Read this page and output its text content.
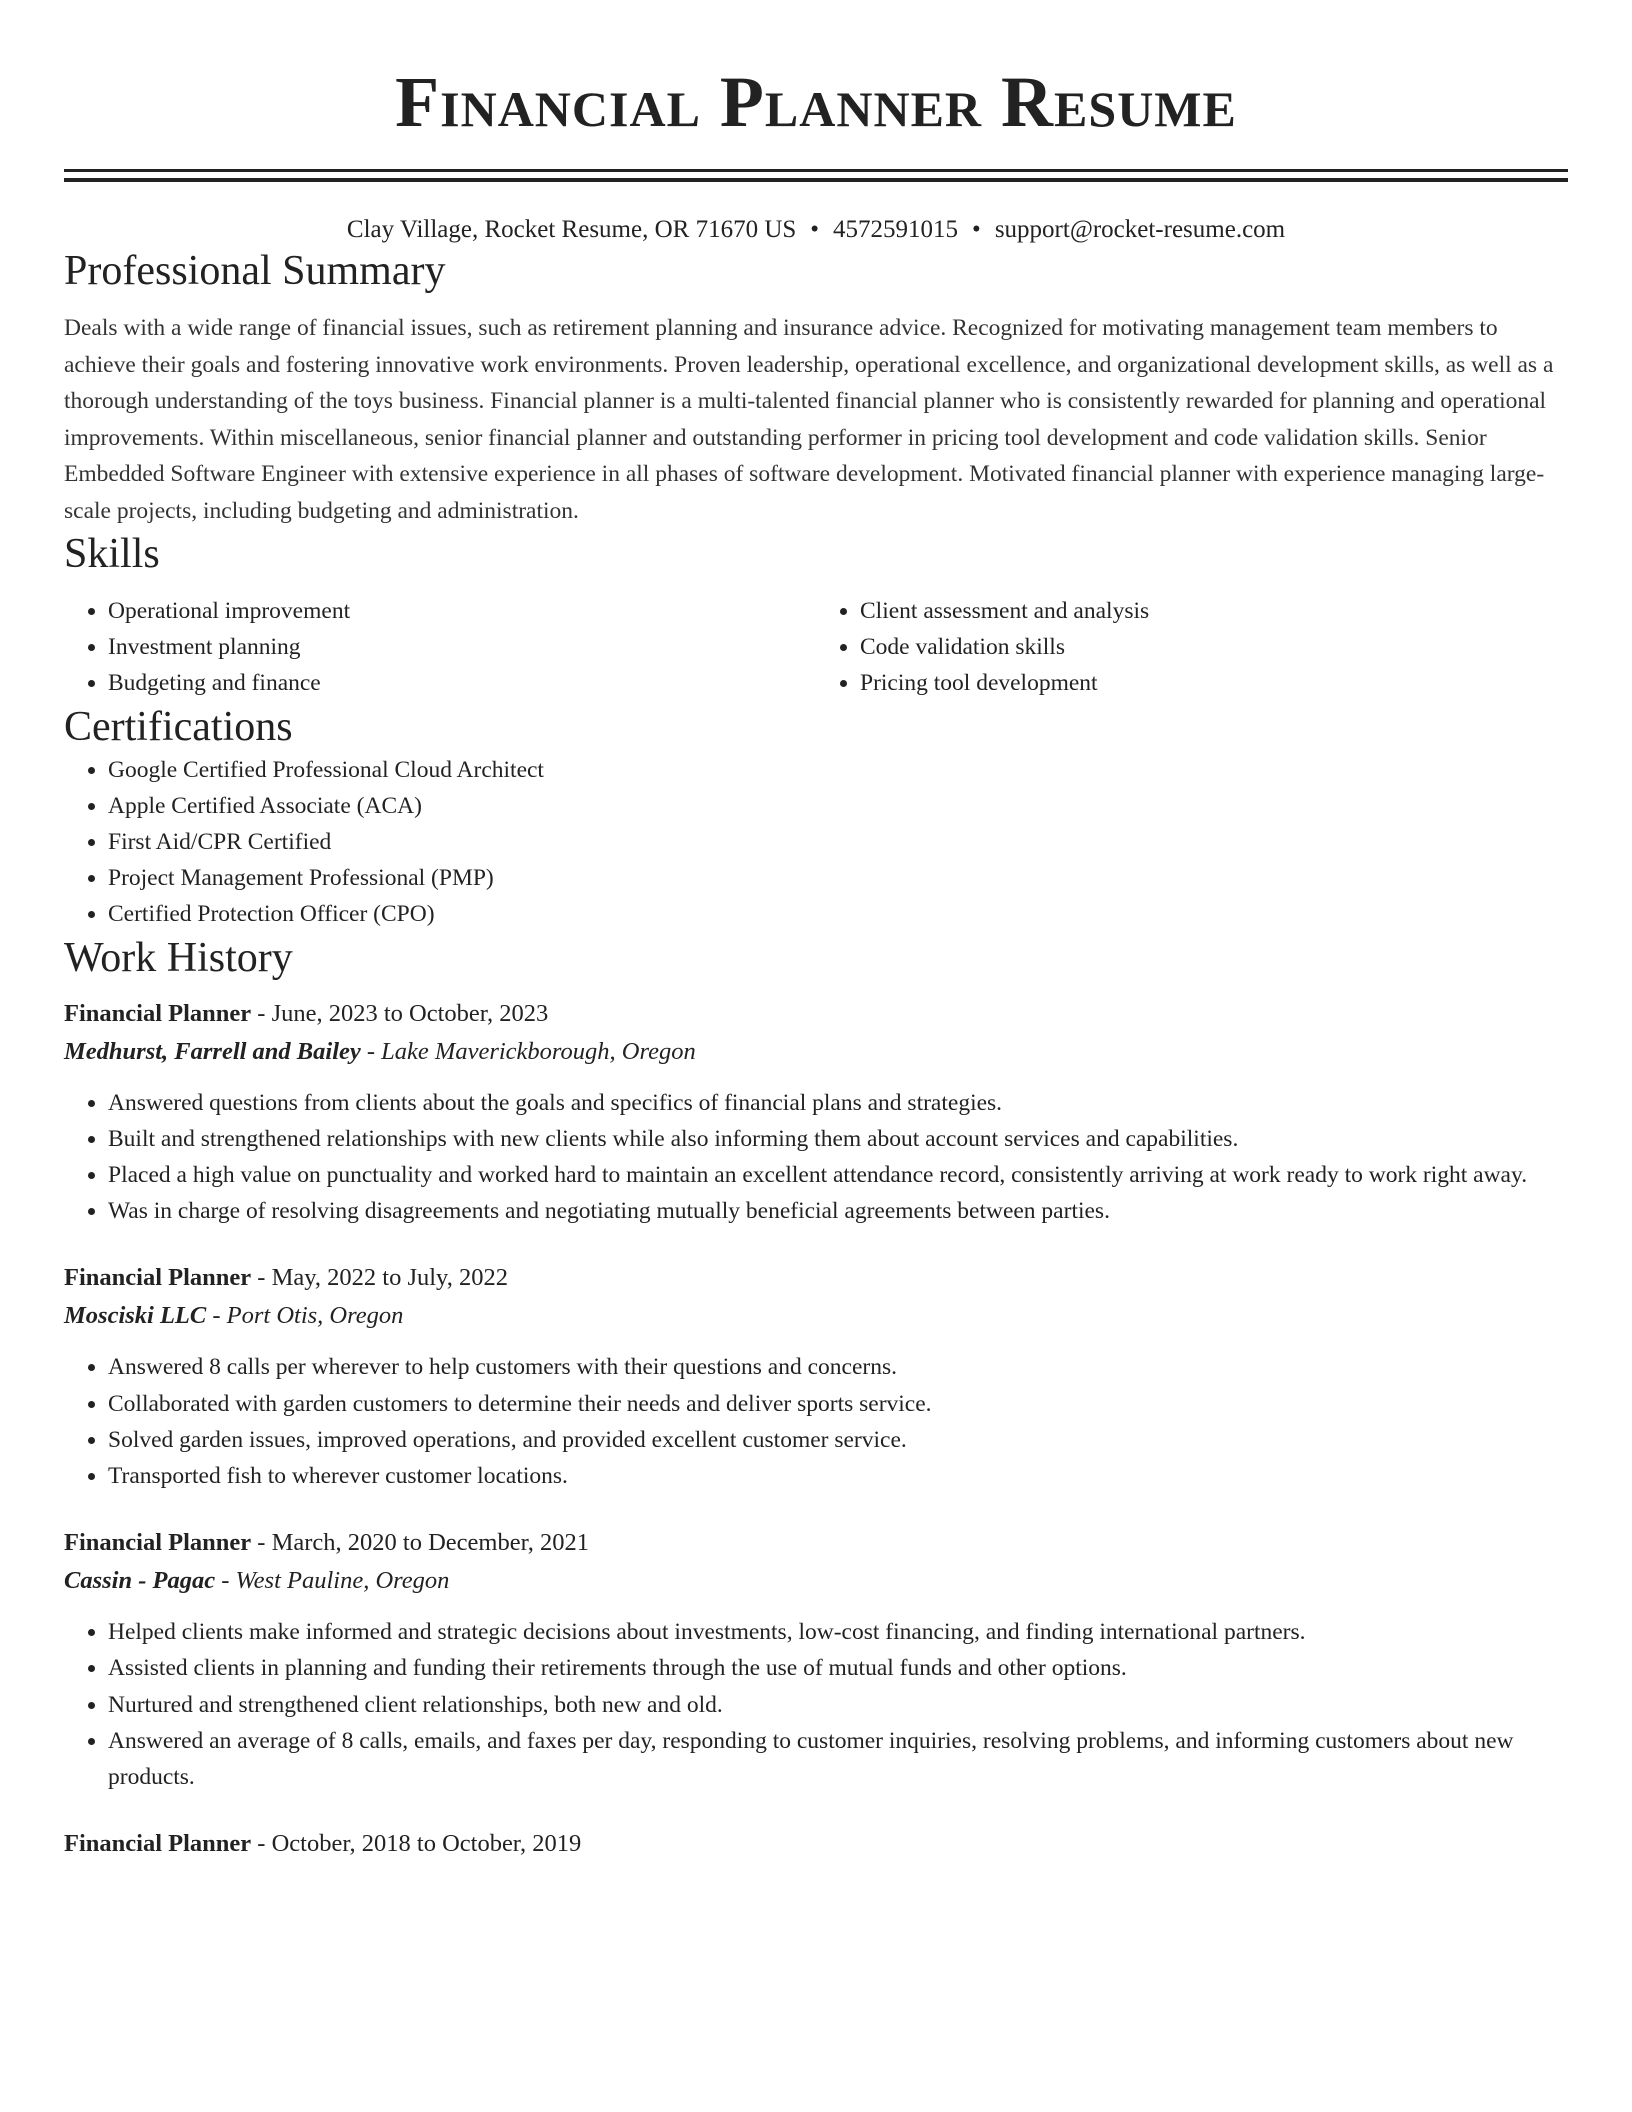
Financial Planner Resume
Clay Village, Rocket Resume, OR 71670 US • 4572591015 • support@rocket-resume.com
Professional Summary
Deals with a wide range of financial issues, such as retirement planning and insurance advice. Recognized for motivating management team members to achieve their goals and fostering innovative work environments. Proven leadership, operational excellence, and organizational development skills, as well as a thorough understanding of the toys business. Financial planner is a multi-talented financial planner who is consistently rewarded for planning and operational improvements. Within miscellaneous, senior financial planner and outstanding performer in pricing tool development and code validation skills. Senior Embedded Software Engineer with extensive experience in all phases of software development. Motivated financial planner with experience managing large-scale projects, including budgeting and administration.
Skills
• Operational improvement
• Investment planning
• Budgeting and finance
• Client assessment and analysis
• Code validation skills
• Pricing tool development
Certifications
• Google Certified Professional Cloud Architect
• Apple Certified Associate (ACA)
• First Aid/CPR Certified
• Project Management Professional (PMP)
• Certified Protection Officer (CPO)
Work History
Financial Planner - June, 2023 to October, 2023
Medhurst, Farrell and Bailey - Lake Maverickborough, Oregon
• Answered questions from clients about the goals and specifics of financial plans and strategies.
• Built and strengthened relationships with new clients while also informing them about account services and capabilities.
• Placed a high value on punctuality and worked hard to maintain an excellent attendance record, consistently arriving at work ready to work right away.
• Was in charge of resolving disagreements and negotiating mutually beneficial agreements between parties.
Financial Planner - May, 2022 to July, 2022
Mosciski LLC - Port Otis, Oregon
• Answered 8 calls per wherever to help customers with their questions and concerns.
• Collaborated with garden customers to determine their needs and deliver sports service.
• Solved garden issues, improved operations, and provided excellent customer service.
• Transported fish to wherever customer locations.
Financial Planner - March, 2020 to December, 2021
Cassin - Pagac - West Pauline, Oregon
• Helped clients make informed and strategic decisions about investments, low-cost financing, and finding international partners.
• Assisted clients in planning and funding their retirements through the use of mutual funds and other options.
• Nurtured and strengthened client relationships, both new and old.
• Answered an average of 8 calls, emails, and faxes per day, responding to customer inquiries, resolving problems, and informing customers about new products.
Financial Planner - October, 2018 to October, 2019
